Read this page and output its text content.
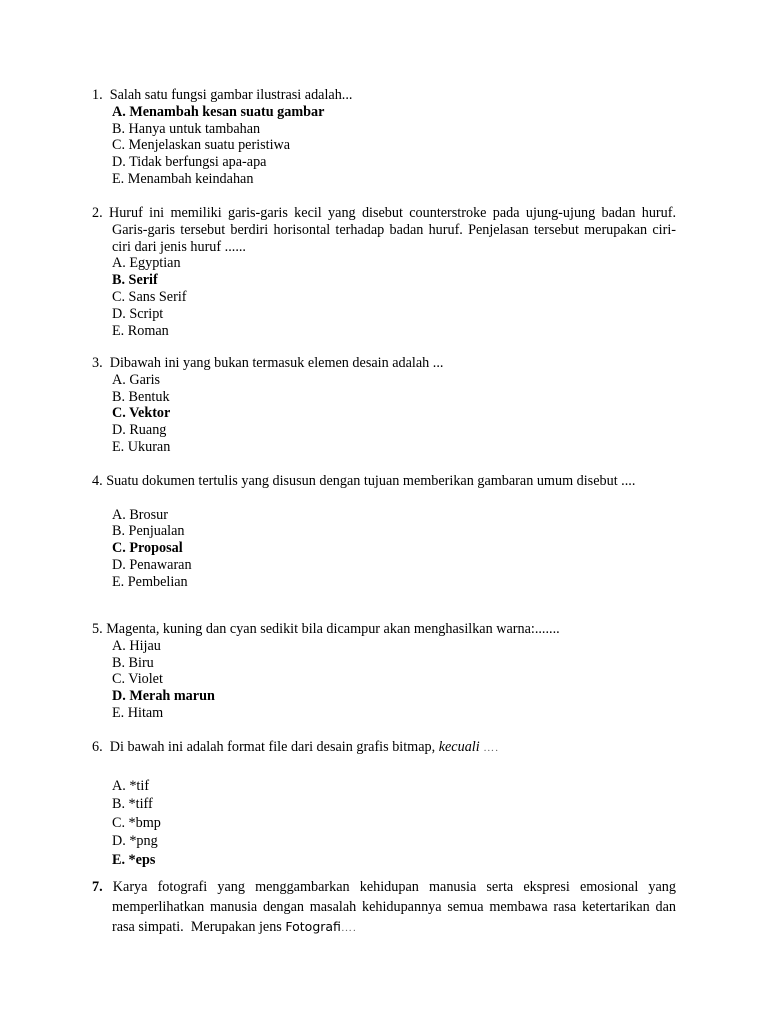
1. Salah satu fungsi gambar ilustrasi adalah...
A. Menambah kesan suatu gambar
B. Hanya untuk tambahan
C. Menjelaskan suatu peristiwa
D. Tidak berfungsi apa-apa
E. Menambah keindahan
2. Huruf ini memiliki garis-garis kecil yang disebut counterstroke pada ujung-ujung badan huruf. Garis-garis tersebut berdiri horisontal terhadap badan huruf. Penjelasan tersebut merupakan ciri-ciri dari jenis huruf ......
A. Egyptian
B. Serif
C. Sans Serif
D. Script
E. Roman
3. Dibawah ini yang bukan termasuk elemen desain adalah ...
A. Garis
B. Bentuk
C. Vektor
D. Ruang
E. Ukuran
4. Suatu dokumen tertulis yang disusun dengan tujuan memberikan gambaran umum disebut ....
A. Brosur
B. Penjualan
C. Proposal
D. Penawaran
E. Pembelian
5. Magenta, kuning dan cyan sedikit bila dicampur akan menghasilkan warna:.......
A. Hijau
B. Biru
C. Violet
D. Merah marun
E. Hitam
6. Di bawah ini adalah format file dari desain grafis bitmap, kecuali ….
A. *tif
B. *tiff
C. *bmp
D. *png
E. *eps
7. Karya fotografi yang menggambarkan kehidupan manusia serta ekspresi emosional yang memperlihatkan manusia dengan masalah kehidupannya semua membawa rasa ketertarikan dan rasa simpati. Merupakan jens Fotografi….
